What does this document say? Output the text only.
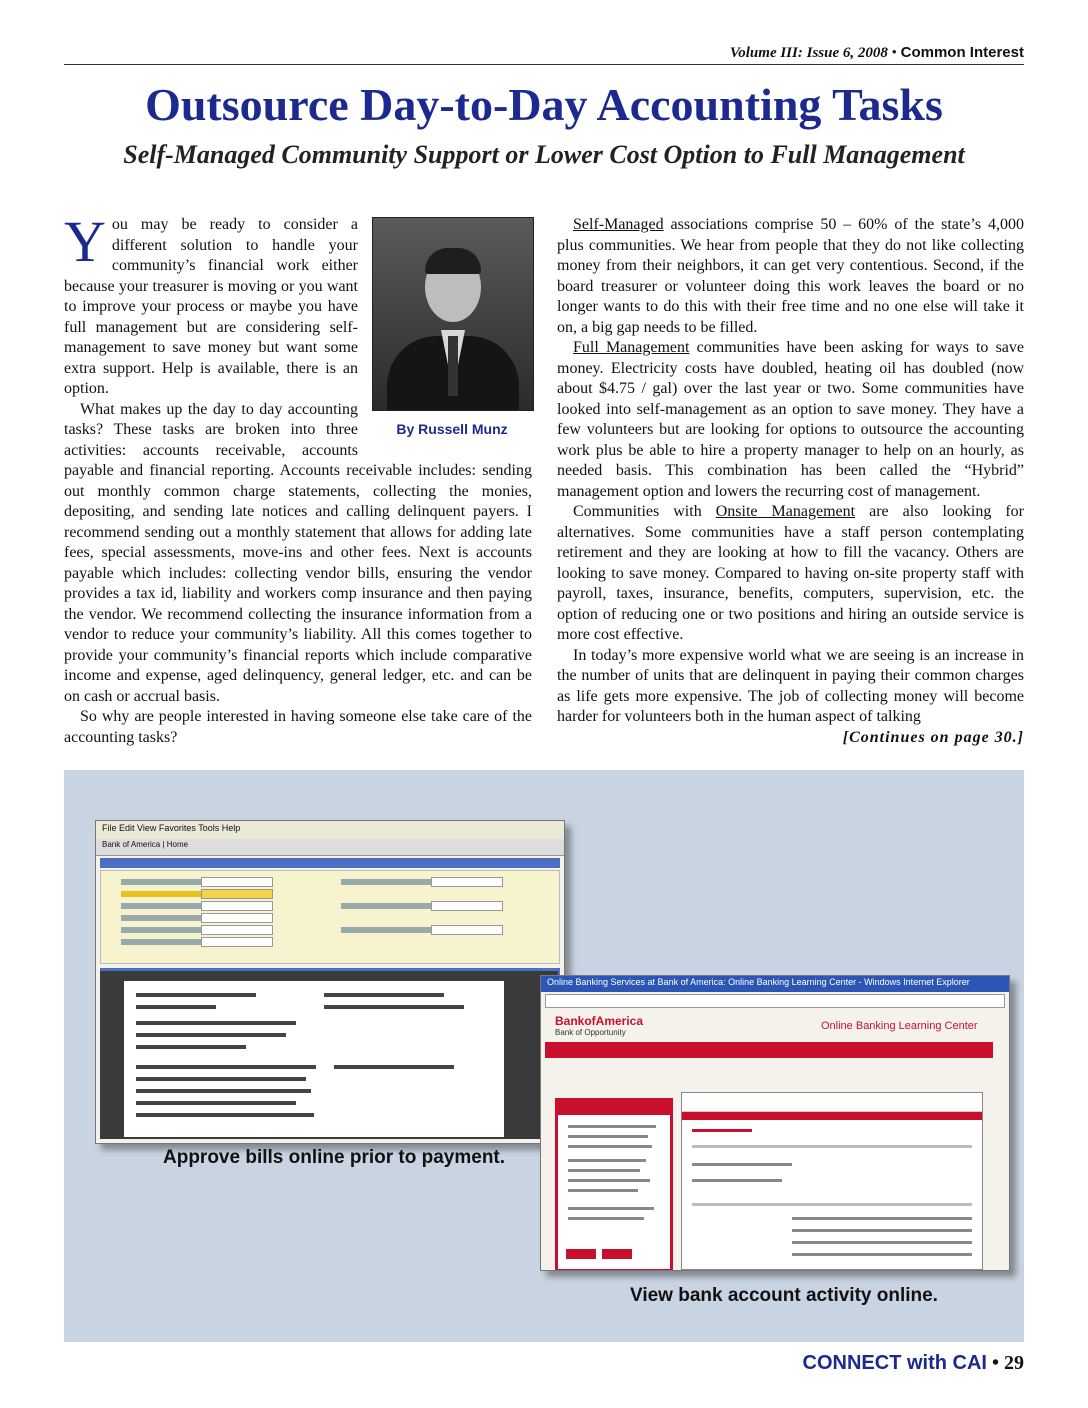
Volume III: Issue 6, 2008 • Common Interest
Outsource Day-to-Day Accounting Tasks
Self-Managed Community Support or Lower Cost Option to Full Management
By Russell Munz

You may be ready to consider a different solution to handle your community’s financial work either because your treasurer is moving or you want to improve your process or maybe you have full management but are considering self-management to save money but want some extra support. Help is available, there is an option.

What makes up the day to day accounting tasks? These tasks are broken into three activities: accounts receivable, accounts payable and financial reporting. Accounts receivable includes: sending out monthly common charge statements, collecting the monies, depositing, and sending late notices and calling delinquent payers. I recommend sending out a monthly statement that allows for adding late fees, special assessments, move-ins and other fees. Next is accounts payable which includes: collecting vendor bills, ensuring the vendor provides a tax id, liability and workers comp insurance and then paying the vendor. We recommend collecting the insurance information from a vendor to reduce your community’s liability. All this comes together to provide your community’s financial reports which include comparative income and expense, aged delinquency, general ledger, etc. and can be on cash or accrual basis.

So why are people interested in having someone else take care of the accounting tasks?

Self-Managed associations comprise 50 – 60% of the state’s 4,000 plus communities. We hear from people that they do not like collecting money from their neighbors, it can get very contentious. Second, if the board treasurer or volunteer doing this work leaves the board or no longer wants to do this with their free time and no one else will take it on, a big gap needs to be filled.

Full Management communities have been asking for ways to save money. Electricity costs have doubled, heating oil has doubled (now about $4.75 / gal) over the last year or two. Some communities have looked into self-management as an option to save money. They have a few volunteers but are looking for options to outsource the accounting work plus be able to hire a property manager to help on an hourly, as needed basis. This combination has been called the “Hybrid” management option and lowers the recurring cost of management.

Communities with Onsite Management are also looking for alternatives. Some communities have a staff person contemplating retirement and they are looking at how to fill the vacancy. Others are looking to save money. Compared to having on-site property staff with payroll, taxes, insurance, benefits, computers, supervision, etc. the option of reducing one or two positions and hiring an outside service is more cost effective.

In today’s more expensive world what we are seeing is an increase in the number of units that are delinquent in paying their common charges as life gets more expensive. The job of collecting money will become harder for volunteers both in the human aspect of talking

[Continues on page 30.]

File Edit View Favorites Tools Help
Bank of America | Home
Approve bills online prior to payment.
Online Banking Services at Bank of America: Online Banking Learning Center - Windows Internet Explorer
BankofAmerica
Bank of Opportunity
Online Banking Learning Center
View bank account activity online.
CONNECT with CAI • 29
